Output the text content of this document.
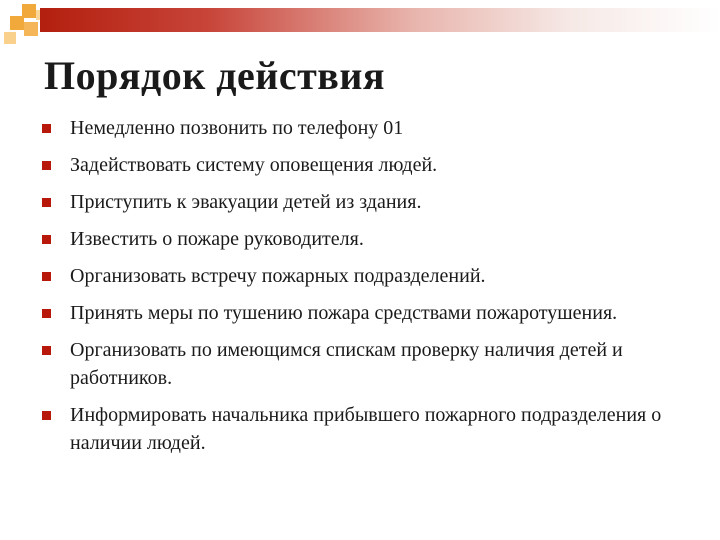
Порядок действия
Немедленно позвонить по телефону 01
Задействовать систему оповещения людей.
Приступить к эвакуации детей из здания.
Известить о пожаре руководителя.
Организовать встречу пожарных подразделений.
Принять меры по тушению пожара средствами пожаротушения.
Организовать по имеющимся спискам проверку наличия детей и работников.
Информировать начальника прибывшего пожарного подразделения о наличии людей.
